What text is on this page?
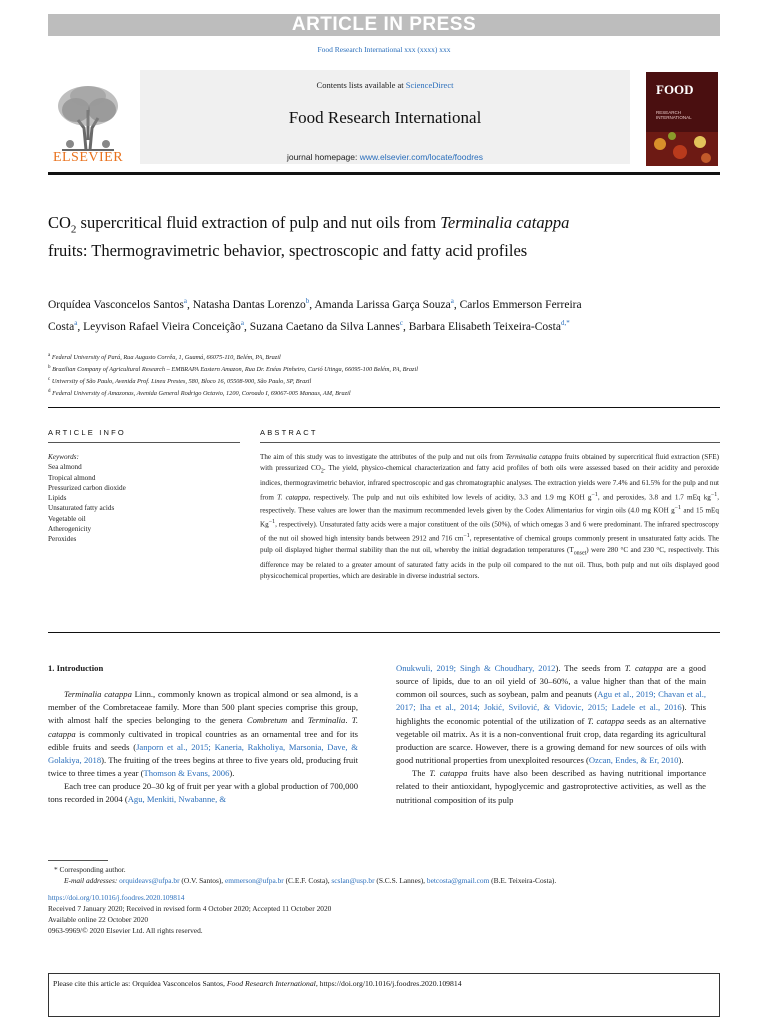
ARTICLE IN PRESS
Food Research International xxx (xxxx) xxx
ELSEVIER
Contents lists available at ScienceDirect
Food Research International
journal homepage: www.elsevier.com/locate/foodres
FOOD
RESEARCH
INTERNATIONAL
$CO_2$ supercritical fluid extraction of pulp and nut oils from Terminalia catappa fruits: Thermogravimetric behavior, spectroscopic and fatty acid profiles
Orquídea Vasconcelos Santos$^a$, Natasha Dantas Lorenzo$^b$, Amanda Larissa Garça Souza$^a$, Carlos Emmerson Ferreira Costa$^a$, Leyvison Rafael Vieira Conceição$^a$, Suzana Caetano da Silva Lannes$^c$, Barbara Elisabeth Teixeira-Costa$^{d,*}$
$^a$ Federal University of Pará, Rua Augusto Corrêa, 1, Guamá, 66075-110, Belém, PA, Brazil
$^b$ Brazilian Company of Agricultural Research – EMBRAPA Eastern Amazon, Rua Dr. Enéas Pinheiro, Curió Utinga, 66095-100 Belém, PA, Brazil
$^c$ University of São Paulo, Avenida Prof. Lineu Prestes, 580, Bloco 16, 05508-900, São Paulo, SP, Brazil
$^d$ Federal University of Amazonas, Avenida General Rodrigo Octavio, 1200, Coroado I, 69067-005 Manaus, AM, Brazil
ARTICLE INFO	ABSTRACT
Keywords:
Sea almond
Tropical almond
Pressurized carbon dioxide
Lipids
Unsaturated fatty acids
Vegetable oil
Atherogenicity
Peroxides
The aim of this study was to investigate the attributes of the pulp and nut oils from Terminalia catappa fruits obtained by supercritical fluid extraction (SFE) with pressurized $CO_2$. The yield, physico-chemical characterization and fatty acid profiles of both oils were assessed based on their acidity and peroxide indices, thermogravimetric behavior, infrared spectroscopic and gas chromatographic analyses. The extraction yields were 7.4% and 61.5% for the pulp and nut from T. catappa, respectively. The pulp and nut oils exhibited low levels of acidity, 3.3 and 1.9 mg KOH $g^{-1}$, and peroxides, 3.8 and 1.7 mEq $kg^{-1}$, respectively. These values are lower than the maximum recommended levels given by the Codex Alimentarius for virgin oils (4.0 mg KOH $g^{-1}$ and 15 mEq $Kg^{-1}$, respectively). Unsaturated fatty acids were a major constituent of the oils (50%), of which omegas 3 and 6 were predominant. The infrared spectroscopy of the nut oil showed high intensity bands between 2912 and 716 $cm^{-1}$, representative of chemical groups commonly present in unsaturated fatty acids. The pulp oil displayed higher thermal stability than the nut oil, whereby the initial degradation temperatures $(T_{onset})$ were 280 °C and 230 °C, respectively. This difference may be related to a greater amount of saturated fatty acids in the pulp oil compared to the nut oil. Thus, both pulp and nut oils displayed good physicochemical properties, which are desirable in diverse industrial sectors.

1. Introduction

Terminalia catappa Linn., commonly known as tropical almond or sea almond, is a member of the Combretaceae family. More than 500 plant species comprise this group, with almost half the species belonging to the genera Combretum and Terminalia. T. catappa is commonly cultivated in tropical countries as an ornamental tree and for its edible fruits and seeds (Janporn et al., 2015; Kaneria, Rakholiya, Marsonia, Dave, & Golakiya, 2018). The fruiting of the trees begins at three to five years old, producing fruit twice to three times a year (Thomson & Evans, 2006).

Each tree can produce 20–30 kg of fruit per year with a global production of 700,000 tons recorded in 2004 (Agu, Menkiti, Nwabanne, &

Onukwuli, 2019; Singh & Choudhary, 2012). The seeds from T. catappa are a good source of lipids, due to an oil yield of 30–60%, a value higher than that of the main common oil sources, such as soybean, palm and peanuts (Agu et al., 2019; Chavan et al., 2017; Iha et al., 2014; Jokić, Svilović, & Vidovic, 2015; Ladele et al., 2016). This highlights the economic potential of the utilization of T. catappa seeds as an alternative vegetable oil matrix. As it is a non-conventional fruit crop, data regarding its agricultural production are scarce. However, there is a growing demand for new sources of oils with good nutritional properties from unexploited resources (Ozcan, Endes, & Er, 2010).

The T. catappa fruits have also been described as having nutritional importance related to their antioxidant, hypoglycemic and gastroprotective activities, as well as the nutritional composition of its pulp

* Corresponding author.
E-mail addresses: orquideavs@ufpa.br (O.V. Santos), emmerson@ufpa.br (C.E.F. Costa), scslan@usp.br (S.C.S. Lannes), betcosta@gmail.com (B.E. Teixeira-Costa).
https://doi.org/10.1016/j.foodres.2020.109814
Received 7 January 2020; Received in revised form 4 October 2020; Accepted 11 October 2020
Available online 22 October 2020
0963-9969/© 2020 Elsevier Ltd. All rights reserved.
Please cite this article as: Orquídea Vasconcelos Santos, Food Research International, https://doi.org/10.1016/j.foodres.2020.109814
